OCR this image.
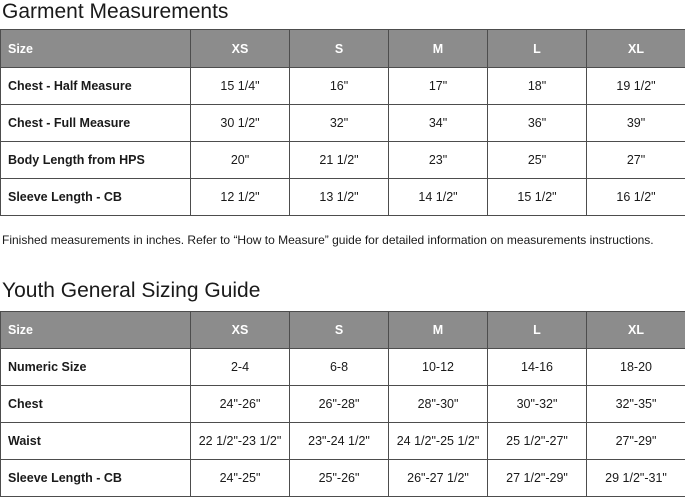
Garment Measurements
Size	XS	S	M	L	XL
Chest - Half Measure	15 1/4"	16"	17"	18"	19 1/2"
Chest - Full Measure	30 1/2"	32"	34"	36"	39"
Body Length from HPS	20"	21 1/2"	23"	25"	27"
Sleeve Length - CB	12 1/2"	13 1/2"	14 1/2"	15 1/2"	16 1/2"

Finished measurements in inches. Refer to “How to Measure” guide for detailed information on measurements instructions.

Youth General Sizing Guide
Size	XS	S	M	L	XL
Numeric Size	2-4	6-8	10-12	14-16	18-20
Chest	24"-26"	26"-28"	28"-30"	30"-32"	32"-35"
Waist	22 1/2"-23 1/2"	23"-24 1/2"	24 1/2"-25 1/2"	25 1/2"-27"	27"-29"
Sleeve Length - CB	24"-25"	25"-26"	26"-27 1/2"	27 1/2"-29"	29 1/2"-31"
